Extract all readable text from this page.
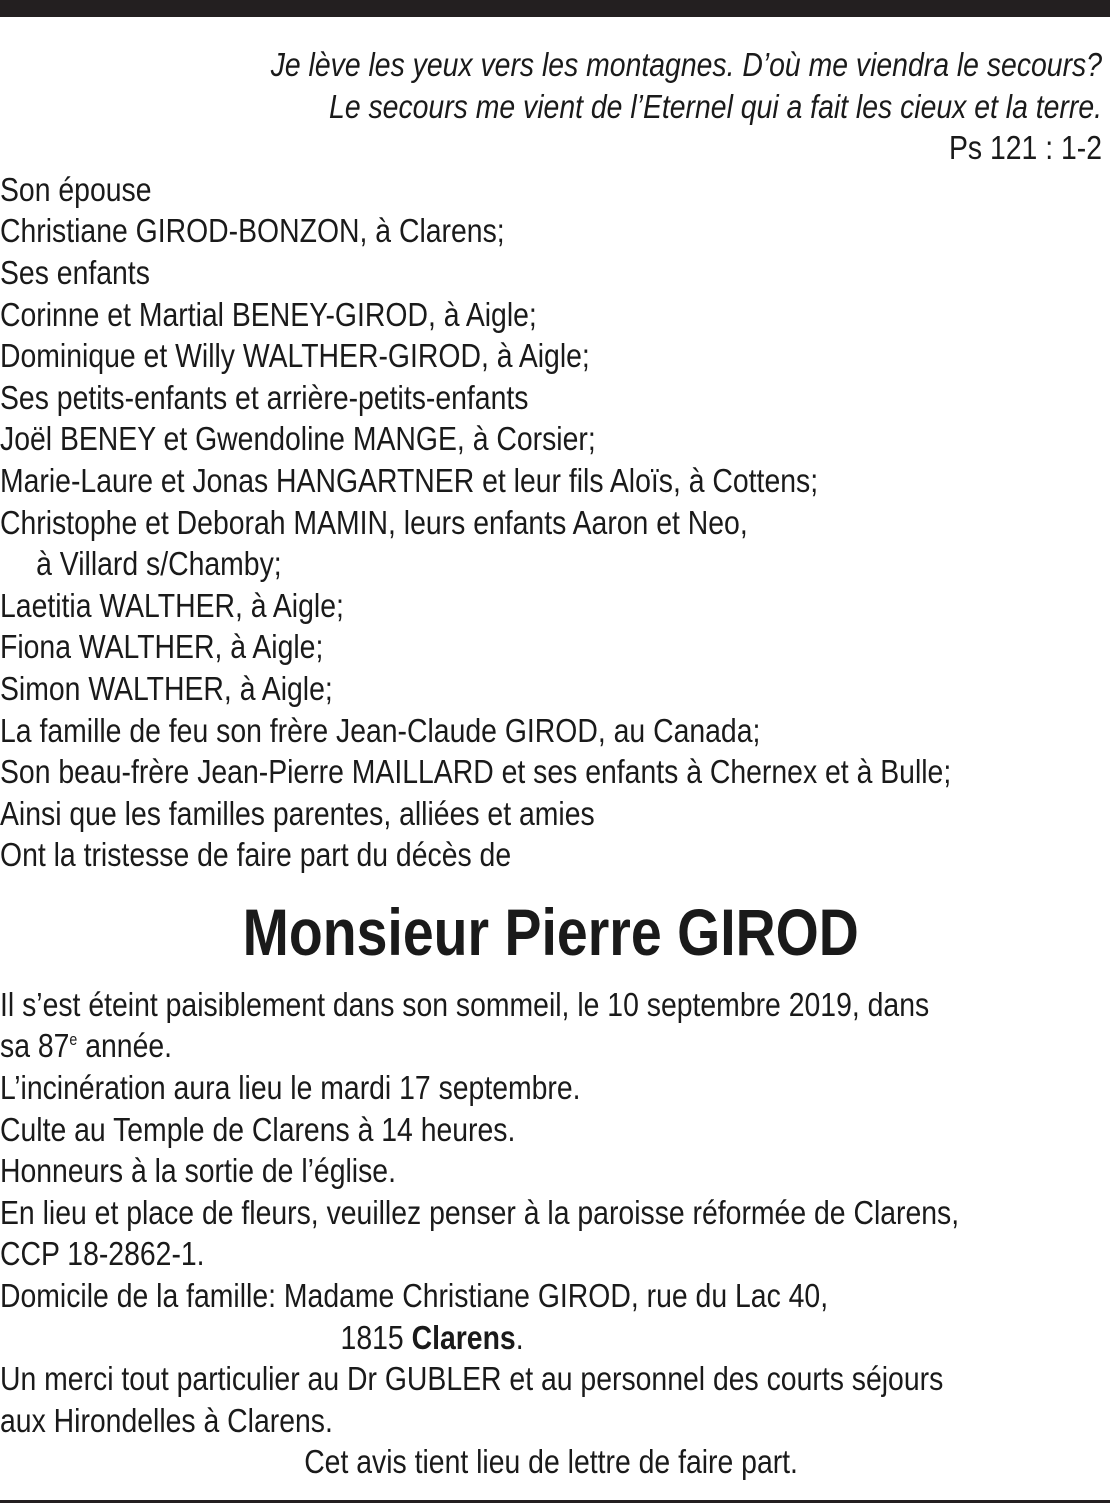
Je lève les yeux vers les montagnes. D’où me viendra le secours?
Le secours me vient de l’Eternel qui a fait les cieux et la terre.
Ps 121 : 1-2
Son épouse
Christiane GIROD-BONZON, à Clarens;
Ses enfants
Corinne et Martial BENEY-GIROD, à Aigle;
Dominique et Willy WALTHER-GIROD, à Aigle;
Ses petits-enfants et arrière-petits-enfants
Joël BENEY et Gwendoline MANGE, à Corsier;
Marie-Laure et Jonas HANGARTNER et leur fils Aloïs, à Cottens;
Christophe et Deborah MAMIN, leurs enfants Aaron et Neo,
à Villard s/Chamby;
Laetitia WALTHER, à Aigle;
Fiona WALTHER, à Aigle;
Simon WALTHER, à Aigle;
La famille de feu son frère Jean-Claude GIROD, au Canada;
Son beau-frère Jean-Pierre MAILLARD et ses enfants à Chernex et à Bulle;
Ainsi que les familles parentes, alliées et amies
Ont la tristesse de faire part du décès de
Monsieur Pierre GIROD
Il s’est éteint paisiblement dans son sommeil, le 10 septembre 2019, dans
sa 87e année.
L’incinération aura lieu le mardi 17 septembre.
Culte au Temple de Clarens à 14 heures.
Honneurs à la sortie de l’église.
En lieu et place de fleurs, veuillez penser à la paroisse réformée de Clarens,
CCP 18-2862-1.
Domicile de la famille: Madame Christiane GIROD, rue du Lac 40,
1815 Clarens.
Un merci tout particulier au Dr GUBLER et au personnel des courts séjours
aux Hirondelles à Clarens.
Cet avis tient lieu de lettre de faire part.
